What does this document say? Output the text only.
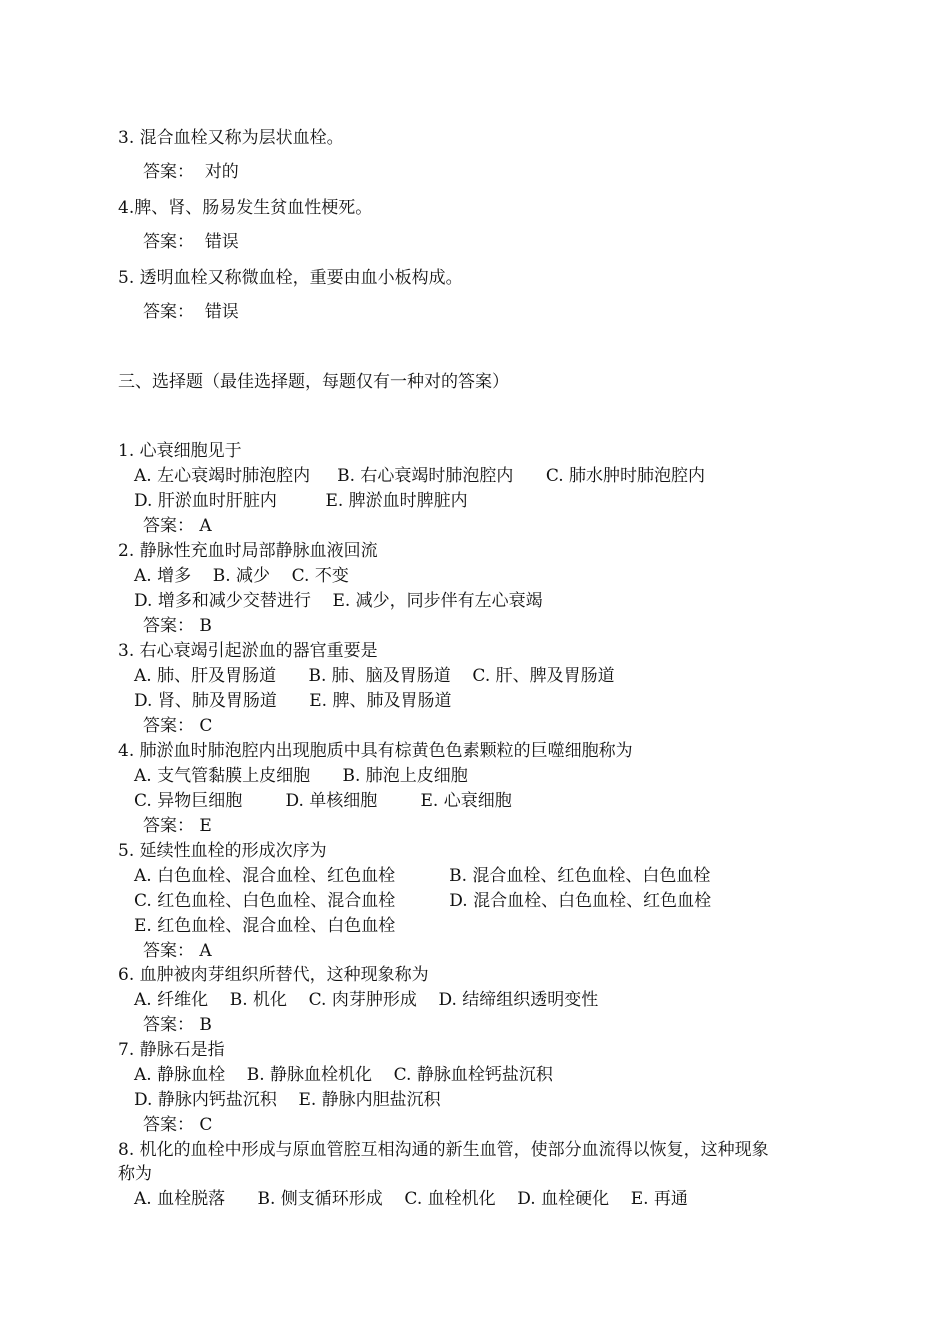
3. 混合血栓又称为层状血栓。
答案： 对的
4.脾、肾、肠易发生贫血性梗死。
答案： 错误
5. 透明血栓又称微血栓，重要由血小板构成。
答案： 错误
三、选择题（最佳选择题，每题仅有一种对的答案）
1. 心衰细胞见于
A. 左心衰竭时肺泡腔内     B. 右心衰竭时肺泡腔内      C. 肺水肿时肺泡腔内
D. 肝淤血时肝脏内         E. 脾淤血时脾脏内
答案： A
2. 静脉性充血时局部静脉血液回流
A. 增多    B. 减少    C. 不变
D. 增多和减少交替进行    E. 减少，同步伴有左心衰竭
答案： B
3. 右心衰竭引起淤血的器官重要是
A. 肺、肝及胃肠道      B. 肺、脑及胃肠道    C. 肝、脾及胃肠道
D. 肾、肺及胃肠道      E. 脾、肺及胃肠道
答案： C
4. 肺淤血时肺泡腔内出现胞质中具有棕黄色色素颗粒的巨噬细胞称为
A. 支气管黏膜上皮细胞      B. 肺泡上皮细胞
C. 异物巨细胞        D. 单核细胞        E. 心衰细胞
答案： E
5. 延续性血栓的形成次序为
A. 白色血栓、混合血栓、红色血栓          B. 混合血栓、红色血栓、白色血栓
C. 红色血栓、白色血栓、混合血栓          D. 混合血栓、白色血栓、红色血栓
E. 红色血栓、混合血栓、白色血栓
答案： A
6. 血肿被肉芽组织所替代，这种现象称为
A. 纤维化    B. 机化    C. 肉芽肿形成    D. 结缔组织透明变性
答案： B
7. 静脉石是指
A. 静脉血栓    B. 静脉血栓机化    C. 静脉血栓钙盐沉积
D. 静脉内钙盐沉积    E. 静脉内胆盐沉积
答案： C
8. 机化的血栓中形成与原血管腔互相沟通的新生血管，使部分血流得以恢复，这种现象
称为
A. 血栓脱落      B. 侧支循环形成    C. 血栓机化    D. 血栓硬化    E. 再通
